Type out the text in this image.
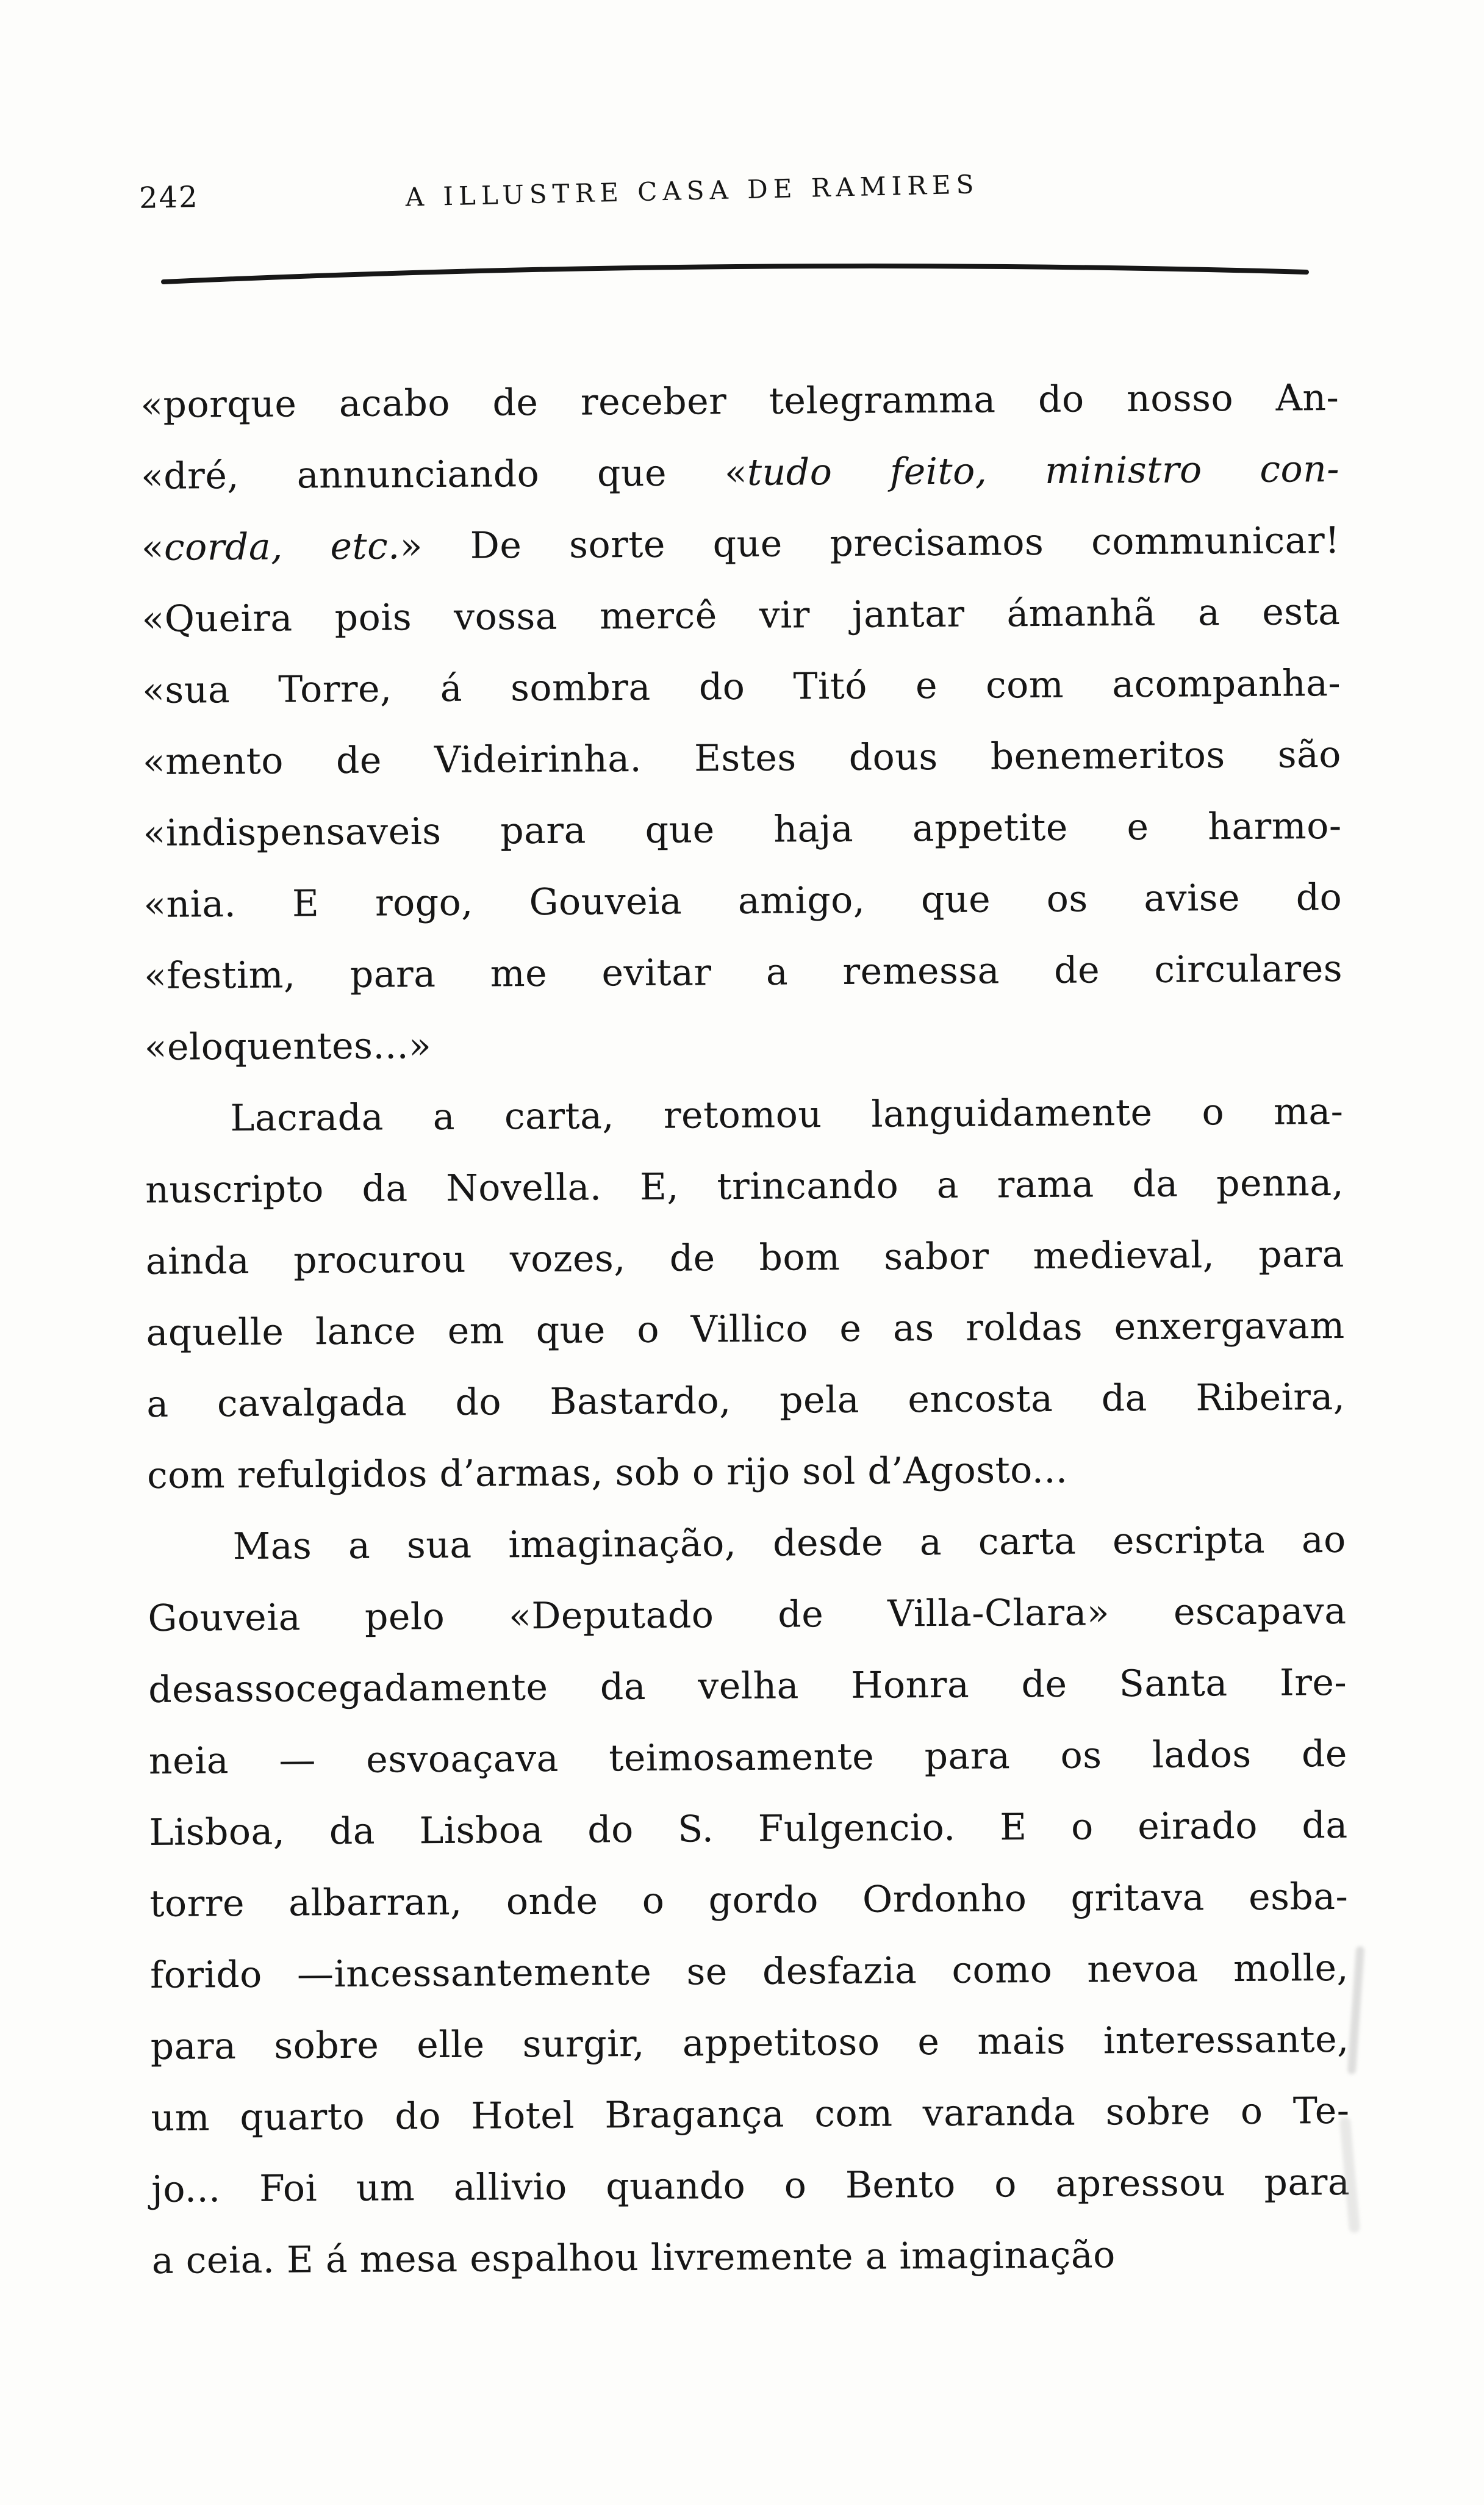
242	A ILLUSTRE CASA DE RAMIRES
«porque acabo de receber telegramma do nosso An-
«dré, annunciando que «tudo feito, ministro con-
«corda, etc.» De sorte que precisamos communicar!
«Queira pois vossa mercê vir jantar ámanhã a esta
«sua Torre, á sombra do Titó e com acompanha-
«mento de Videirinha. Estes dous benemeritos são
«indispensaveis para que haja appetite e harmo-
«nia. E rogo, Gouveia amigo, que os avise do
«festim, para me evitar a remessa de circulares
«eloquentes...»
Lacrada a carta, retomou languidamente o ma-
nuscripto da Novella. E, trincando a rama da penna,
ainda procurou vozes, de bom sabor medieval, para
aquelle lance em que o Villico e as roldas enxergavam
a cavalgada do Bastardo, pela encosta da Ribeira,
com refulgidos d’armas, sob o rijo sol d’Agosto...
Mas a sua imaginação, desde a carta escripta ao
Gouveia pelo «Deputado de Villa-Clara» escapava
desassocegadamente da velha Honra de Santa Ire-
neia — esvoaçava teimosamente para os lados de
Lisboa, da Lisboa do S. Fulgencio. E o eirado da
torre albarran, onde o gordo Ordonho gritava esba-
forido —incessantemente se desfazia como nevoa molle,
para sobre elle surgir, appetitoso e mais interessante,
um quarto do Hotel Bragança com varanda sobre o Te-
jo... Foi um allivio quando o Bento o apressou para
a ceia. E á mesa espalhou livremente a imaginação
